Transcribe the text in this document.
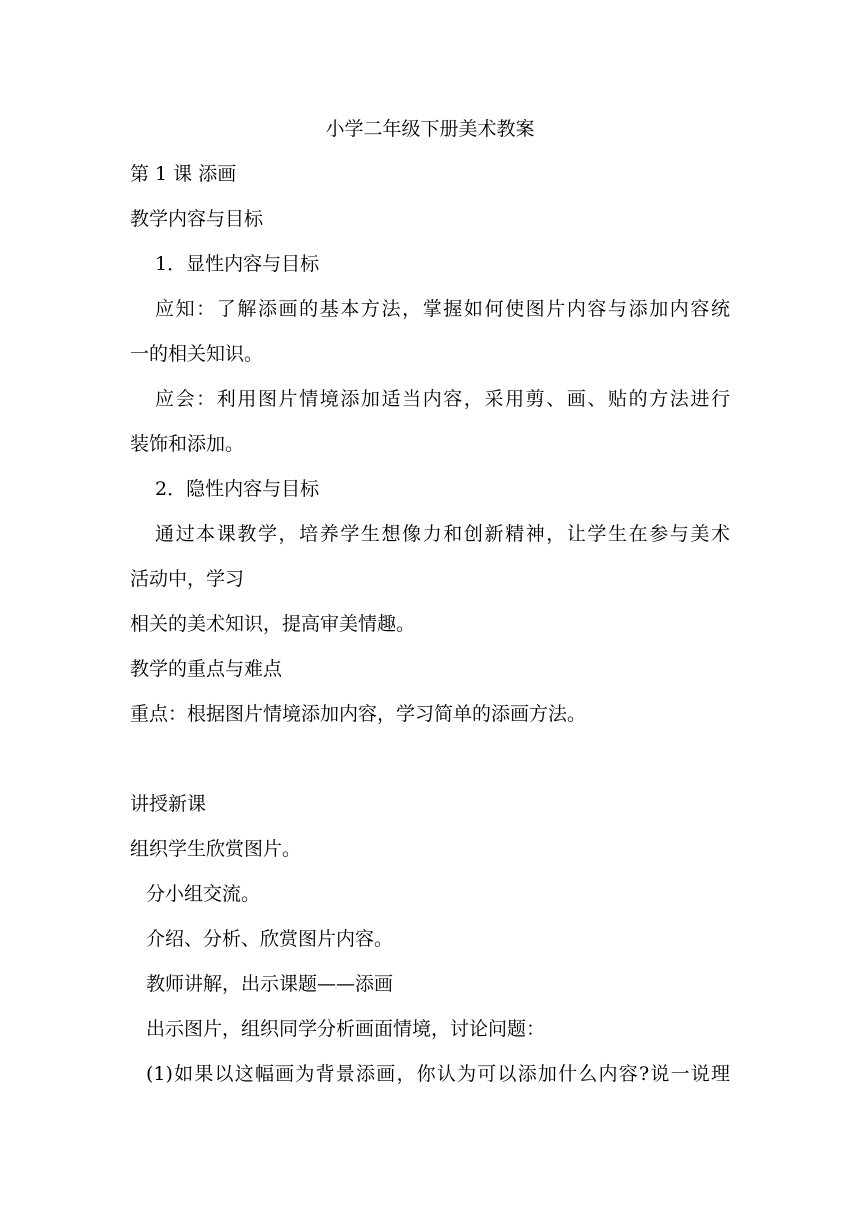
小学二年级下册美术教案

第 1 课 添画

教学内容与目标

1．显性内容与目标

应知：了解添画的基本方法，掌握如何使图片内容与添加内容统

一的相关知识。

应会：利用图片情境添加适当内容，采用剪、画、贴的方法进行

装饰和添加。

2．隐性内容与目标

通过本课教学，培养学生想像力和创新精神，让学生在参与美术

活动中，学习

相关的美术知识，提高审美情趣。

教学的重点与难点

重点：根据图片情境添加内容，学习简单的添画方法。

讲授新课

组织学生欣赏图片。

分小组交流。

介绍、分析、欣赏图片内容。

教师讲解，出示课题——添画

出示图片，组织同学分析画面情境，讨论问题：

(1)如果以这幅画为背景添画，你认为可以添加什么内容?说一说理
